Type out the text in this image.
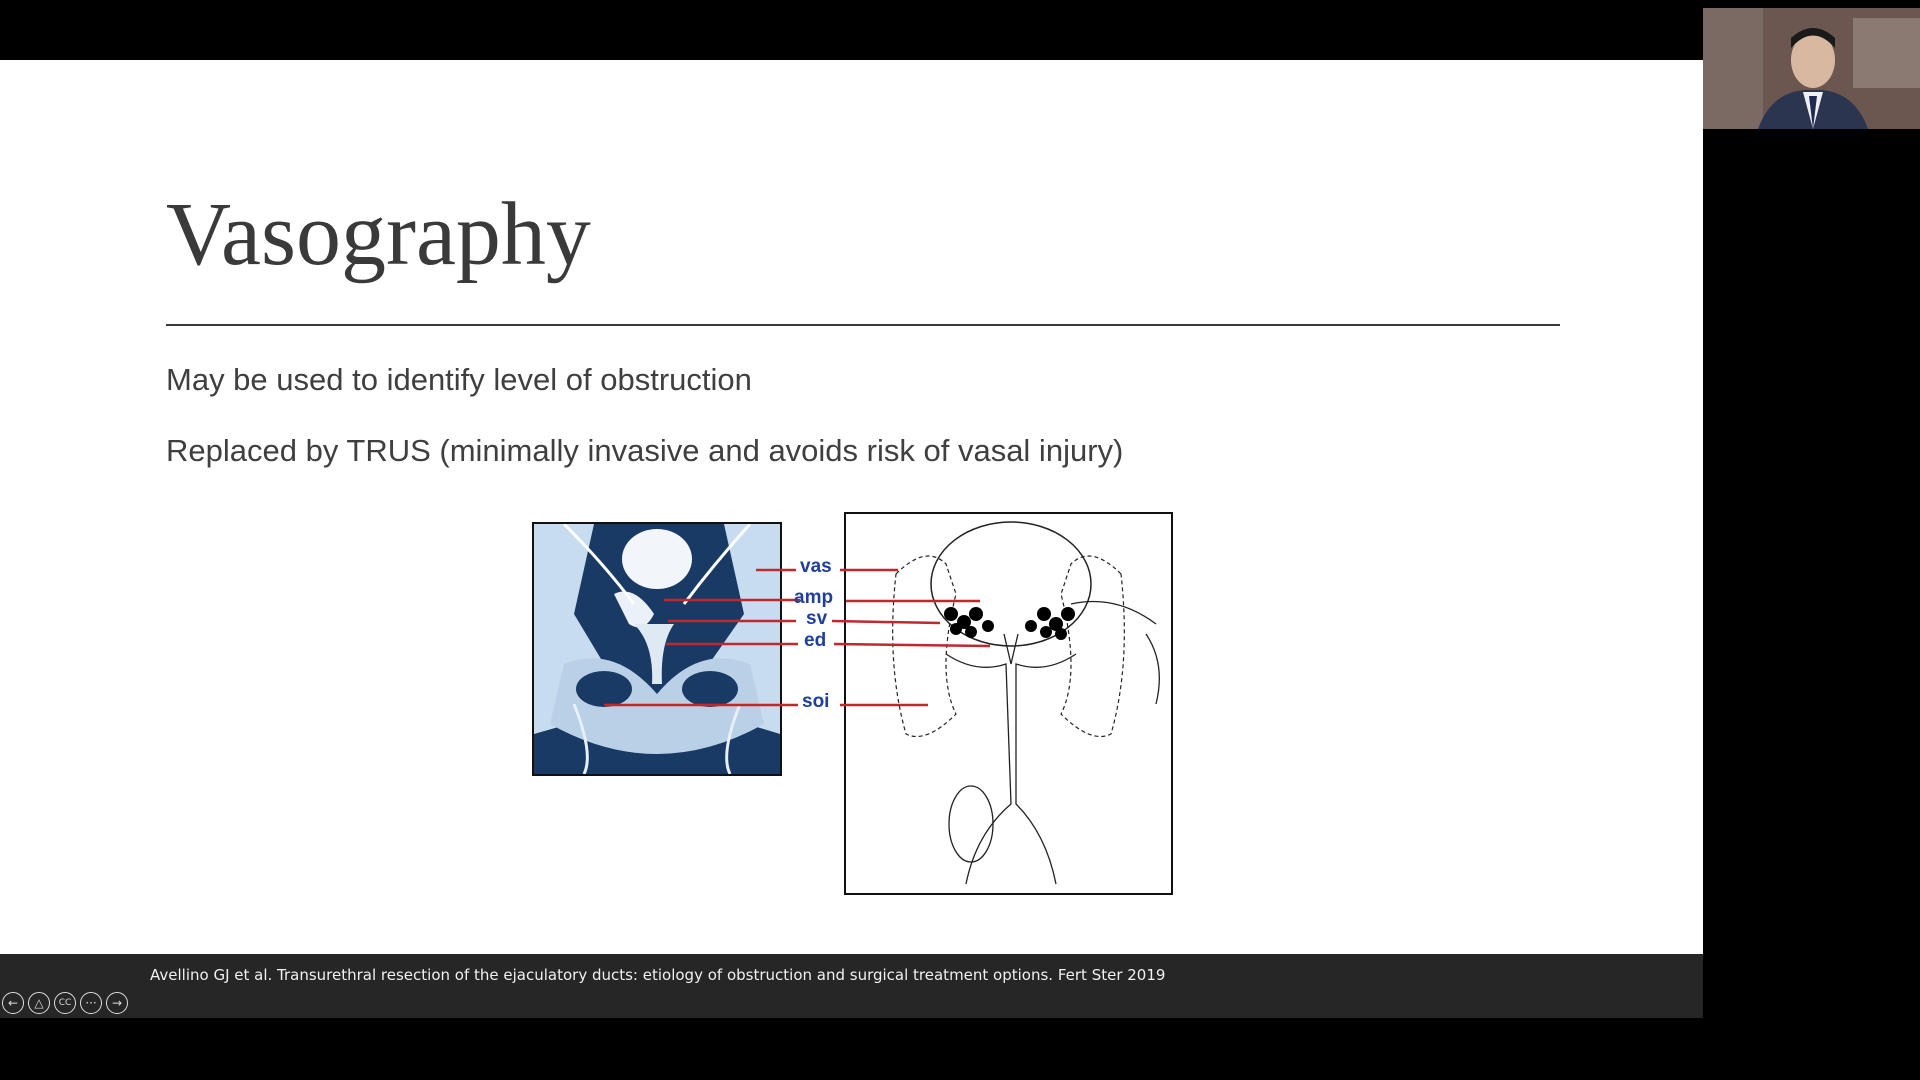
Vasography
May be used to identify level of obstruction
Replaced by TRUS (minimally invasive and avoids risk of vasal injury)
vas
amp
sv
ed
soi
Avellino GJ et al. Transurethral resection of the ejaculatory ducts: etiology of obstruction and surgical treatment options. Fert Ster 2019
←	△	CC	···	→
